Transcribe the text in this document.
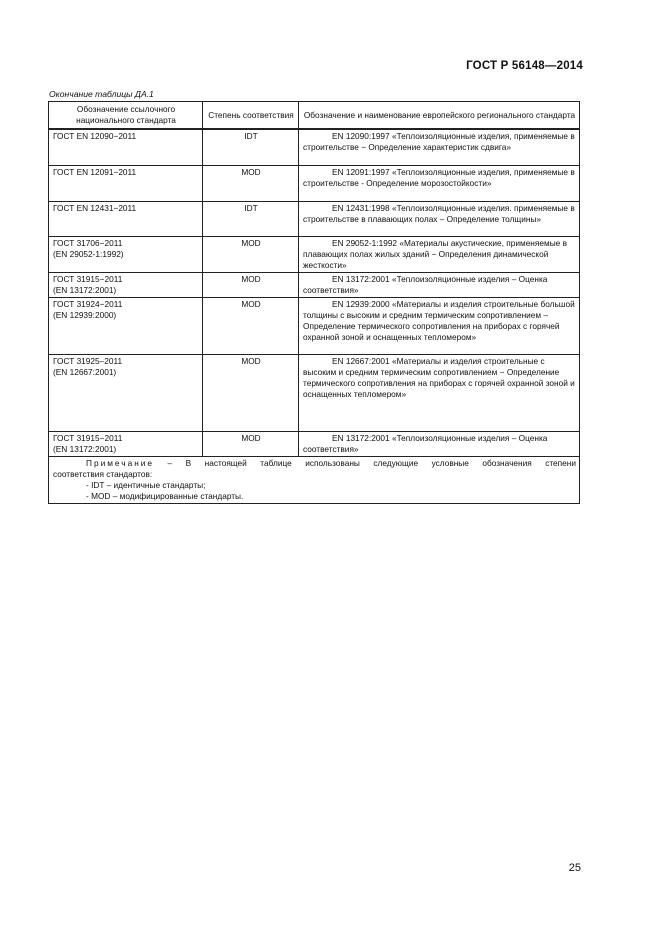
ГОСТ Р 56148—2014
Окончание таблицы ДА.1
Обозначение ссылочного национального стандарта	Степень соответствия	Обозначение и наименование европейского регионального стандарта

ГОСТ EN 12090−2011	IDT	EN 12090:1997 «Теплоизоляционные изделия, применяемые в строительстве − Определение характеристик сдвига»

ГОСТ EN 12091−2011	MOD	EN 12091:1997 «Теплоизоляционные изделия, применяемые в строительстве - Определение морозостойкости»

ГОСТ EN 12431−2011	IDT	EN 12431:1998 «Теплоизоляционные изделия. применяемые в строительстве в плавающих полах – Определение толщины»

ГОСТ 31706−2011
(EN 29052-1:1992)	MOD	EN 29052-1:1992 «Материалы акустические, применяемые в плавающих полах жилых зданий − Определения динамической жесткости»

ГОСТ 31915−2011
(EN 13172:2001)	MOD	EN 13172:2001 «Теплоизоляционные изделия – Оценка соответствия»

ГОСТ 31924−2011
(EN 12939:2000)	MOD	EN 12939:2000 «Материалы и изделия строительные большой толщины с высоким и средним термическим сопротивлением – Определение термического сопротивления на приборах с горячей охранной зоной и оснащенных тепломером»

ГОСТ 31925–2011
(EN 12667:2001)	MOD	EN 12667:2001 «Материалы и изделия строительные с высоким и средним термическим сопротивлением − Определение термического сопротивления на приборах с горячей охранной зоной и оснащенных тепломером»

ГОСТ 31915−2011
(EN 13172:2001)	MOD	EN 13172:2001 «Теплоизоляционные изделия – Оценка соответствия»

Примечание – В настоящей таблице использованы следующие условные обозначения степени
соответствия стандартов:
- IDT – идентичные стандарты;
- MOD – модифицированные стандарты.		
25
